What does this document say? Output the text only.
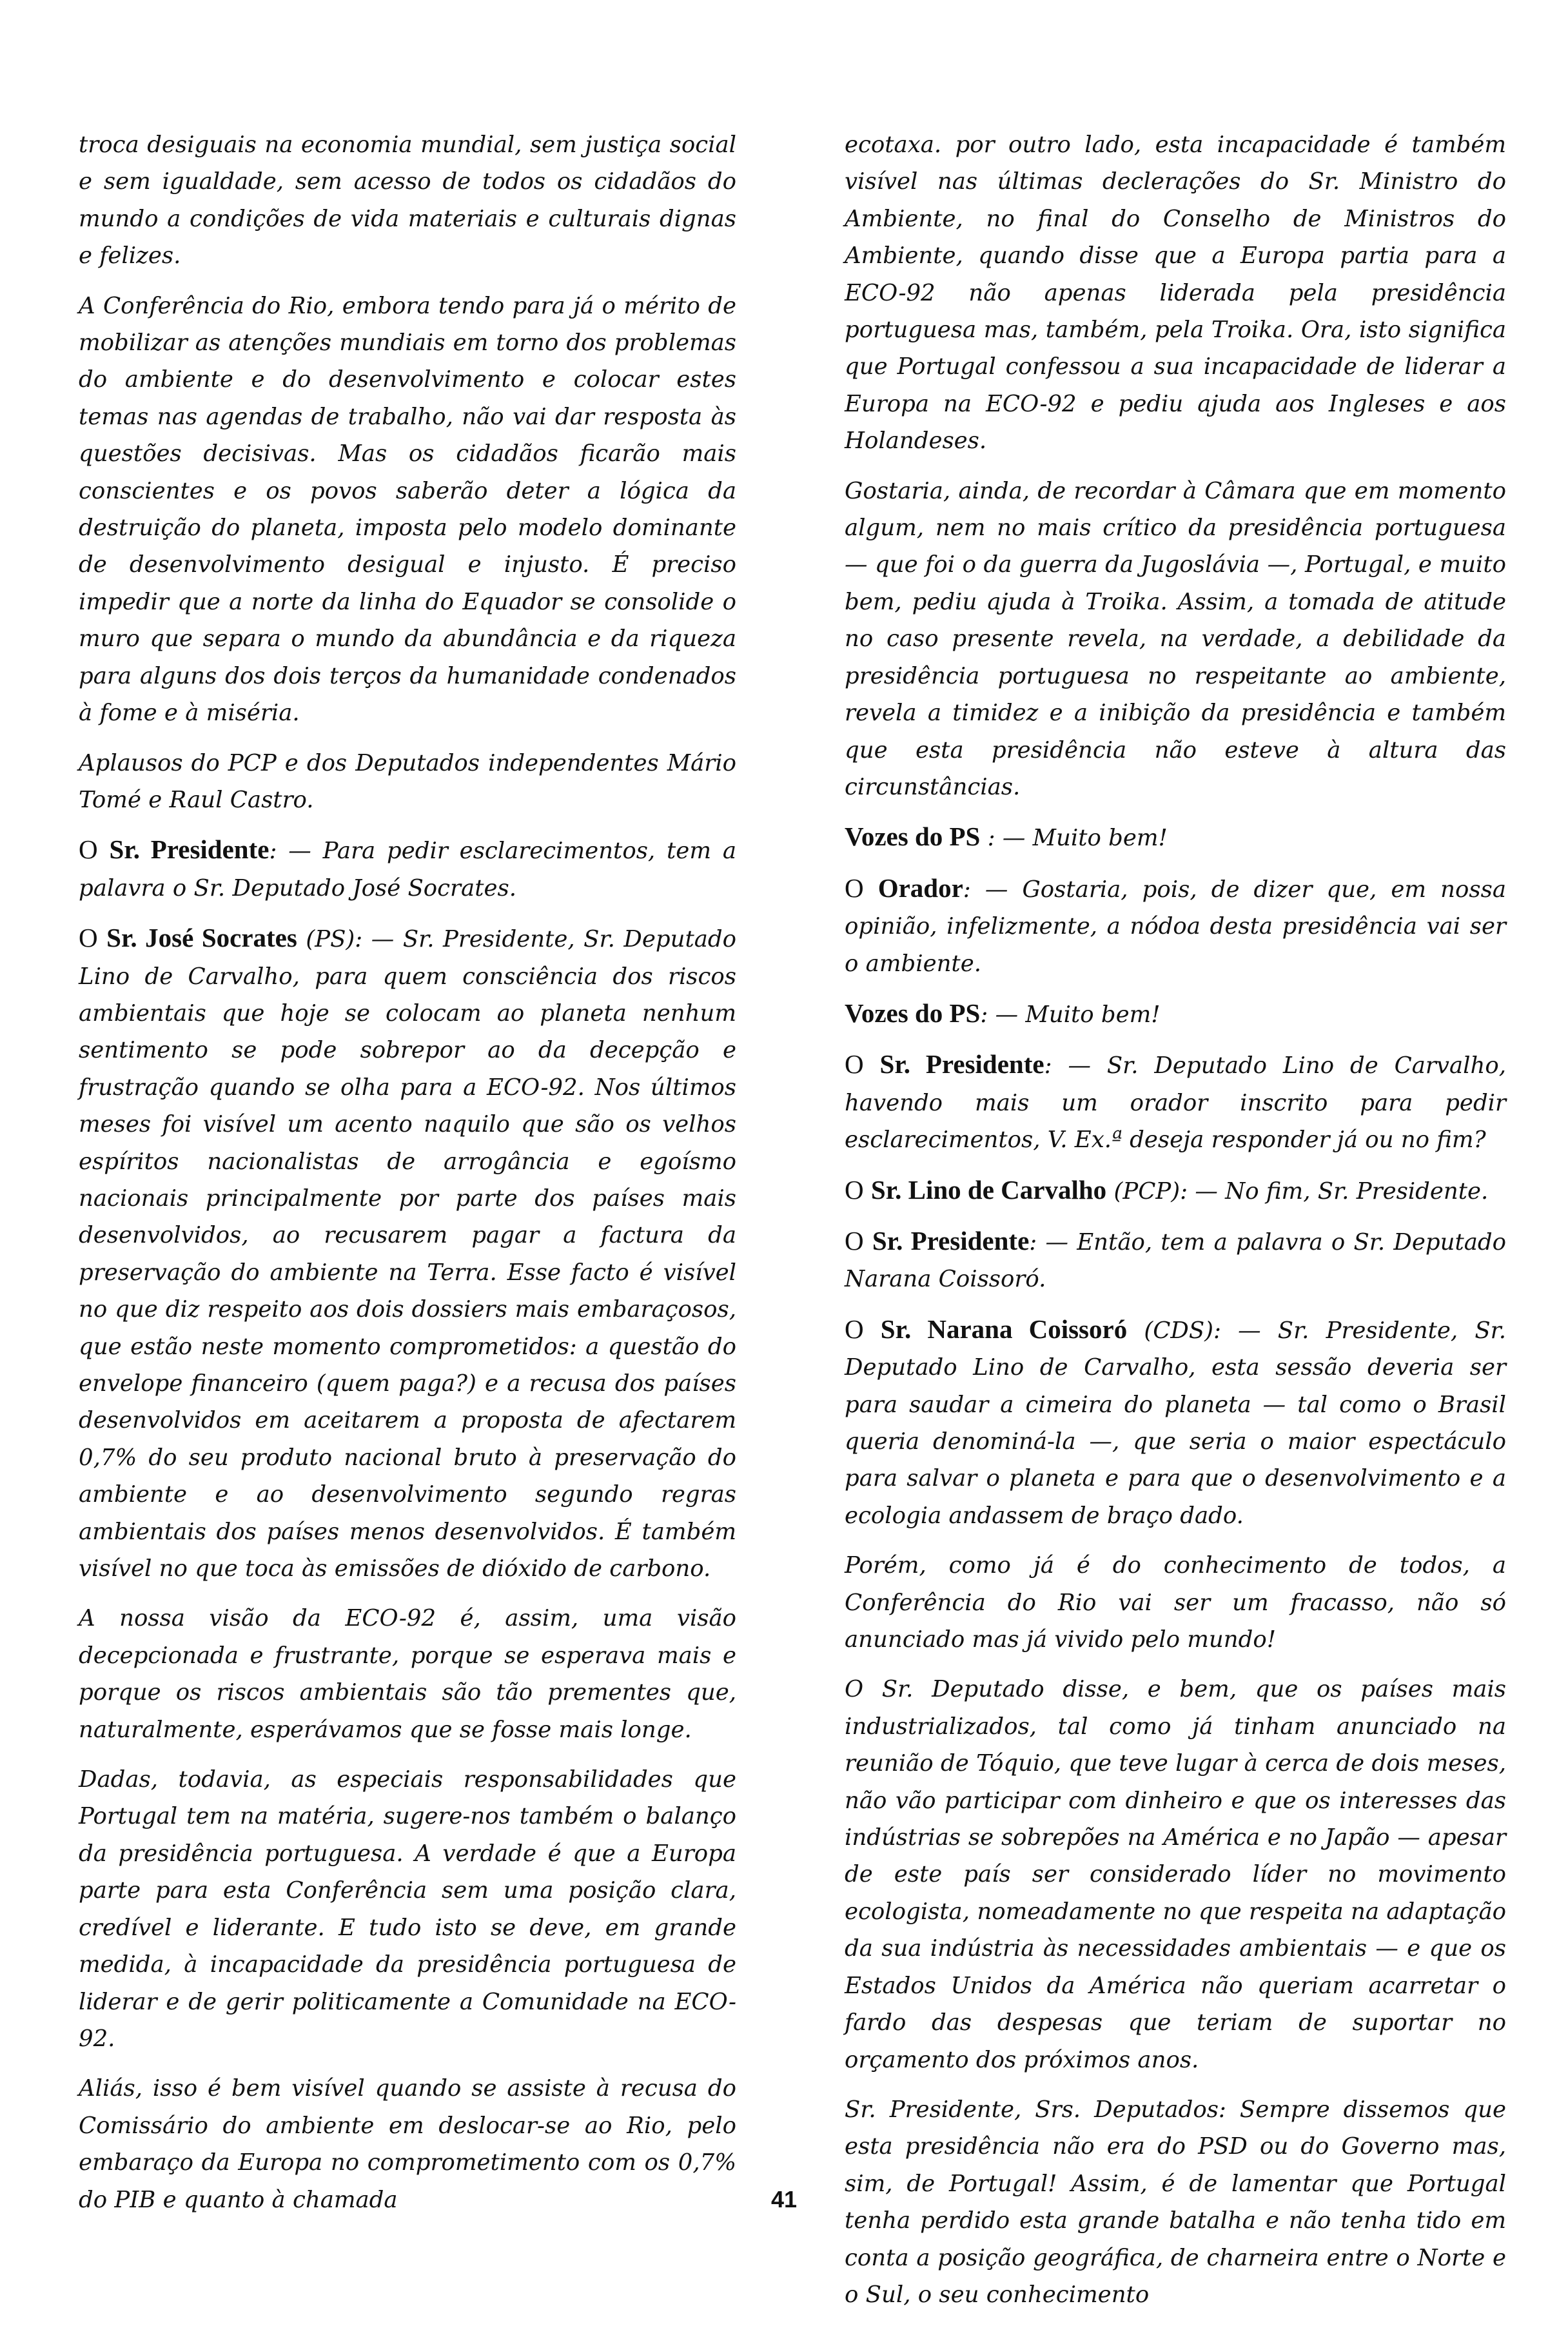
troca desiguais na economia mundial, sem justiça social e sem igualdade, sem acesso de todos os cidadãos do mundo a condições de vida materiais e culturais dignas e felizes.
A Conferência do Rio, embora tendo para já o mérito de mobilizar as atenções mundiais em torno dos problemas do ambiente e do desenvolvimento e colocar estes temas nas agendas de trabalho, não vai dar resposta às questões decisivas. Mas os cidadãos ficarão mais conscientes e os povos saberão deter a lógica da destruição do planeta, imposta pelo modelo dominante de desenvolvimento desigual e injusto. É preciso impedir que a norte da linha do Equador se consolide o muro que separa o mundo da abundância e da riqueza para alguns dos dois terços da humanidade condenados à fome e à miséria.
Aplausos do PCP e dos Deputados independentes Mário Tomé e Raul Castro.
O Sr. Presidente: — Para pedir esclarecimentos, tem a palavra o Sr. Deputado José Socrates.
O Sr. José Socrates (PS): — Sr. Presidente, Sr. Deputado Lino de Carvalho, para quem consciência dos riscos ambientais que hoje se colocam ao planeta nenhum sentimento se pode sobrepor ao da decepção e frustração quando se olha para a ECO-92. Nos últimos meses foi visível um acento naquilo que são os velhos espíritos nacionalistas de arrogância e egoísmo nacionais principalmente por parte dos países mais desenvolvidos, ao recusarem pagar a factura da preservação do ambiente na Terra. Esse facto é visível no que diz respeito aos dois dossiers mais embaraçosos, que estão neste momento comprometidos: a questão do envelope financeiro (quem paga?) e a recusa dos países desenvolvidos em aceitarem a proposta de afectarem 0,7% do seu produto nacional bruto à preservação do ambiente e ao desenvolvimento segundo regras ambientais dos países menos desenvolvidos. É também visível no que toca às emissões de dióxido de carbono.
A nossa visão da ECO-92 é, assim, uma visão decepcionada e frustrante, porque se esperava mais e porque os riscos ambientais são tão prementes que, naturalmente, esperávamos que se fosse mais longe.
Dadas, todavia, as especiais responsabilidades que Portugal tem na matéria, sugere-nos também o balanço da presidência portuguesa. A verdade é que a Europa parte para esta Conferência sem uma posição clara, credível e liderante. E tudo isto se deve, em grande medida, à incapacidade da presidência portuguesa de liderar e de gerir politicamente a Comunidade na ECO-92.
Aliás, isso é bem visível quando se assiste à recusa do Comissário do ambiente em deslocar-se ao Rio, pelo embaraço da Europa no comprometimento com os 0,7% do PIB e quanto à chamada
ecotaxa. por outro lado, esta incapacidade é também visível nas últimas declerações do Sr. Ministro do Ambiente, no final do Conselho de Ministros do Ambiente, quando disse que a Europa partia para a ECO-92 não apenas liderada pela presidência portuguesa mas, também, pela Troika. Ora, isto significa que Portugal confessou a sua incapacidade de liderar a Europa na ECO-92 e pediu ajuda aos Ingleses e aos Holandeses.
Gostaria, ainda, de recordar à Câmara que em momento algum, nem no mais crítico da presidência portuguesa — que foi o da guerra da Jugoslávia —, Portugal, e muito bem, pediu ajuda à Troika. Assim, a tomada de atitude no caso presente revela, na verdade, a debilidade da presidência portuguesa no respeitante ao ambiente, revela a timidez e a inibição da presidência e também que esta presidência não esteve à altura das circunstâncias.
Vozes do PS : — Muito bem!
O Orador: — Gostaria, pois, de dizer que, em nossa opinião, infelizmente, a nódoa desta presidência vai ser o ambiente.
Vozes do PS: — Muito bem!
O Sr. Presidente: — Sr. Deputado Lino de Carvalho, havendo mais um orador inscrito para pedir esclarecimentos, V. Ex.ª deseja responder já ou no fim?
O Sr. Lino de Carvalho (PCP): — No fim, Sr. Presidente.
O Sr. Presidente: — Então, tem a palavra o Sr. Deputado Narana Coissoró.
O Sr. Narana Coissoró (CDS): — Sr. Presidente, Sr. Deputado Lino de Carvalho, esta sessão deveria ser para saudar a cimeira do planeta — tal como o Brasil queria denominá-la —, que seria o maior espectáculo para salvar o planeta e para que o desenvolvimento e a ecologia andassem de braço dado.
Porém, como já é do conhecimento de todos, a Conferência do Rio vai ser um fracasso, não só anunciado mas já vivido pelo mundo!
O Sr. Deputado disse, e bem, que os países mais industrializados, tal como já tinham anunciado na reunião de Tóquio, que teve lugar à cerca de dois meses, não vão participar com dinheiro e que os interesses das indústrias se sobrepões na América e no Japão — apesar de este país ser considerado líder no movimento ecologista, nomeadamente no que respeita na adaptação da sua indústria às necessidades ambientais — e que os Estados Unidos da América não queriam acarretar o fardo das despesas que teriam de suportar no orçamento dos próximos anos.
Sr. Presidente, Srs. Deputados: Sempre dissemos que esta presidência não era do PSD ou do Governo mas, sim, de Portugal! Assim, é de lamentar que Portugal tenha perdido esta grande batalha e não tenha tido em conta a posição geográfica, de charneira entre o Norte e o Sul, o seu conhecimento
41
